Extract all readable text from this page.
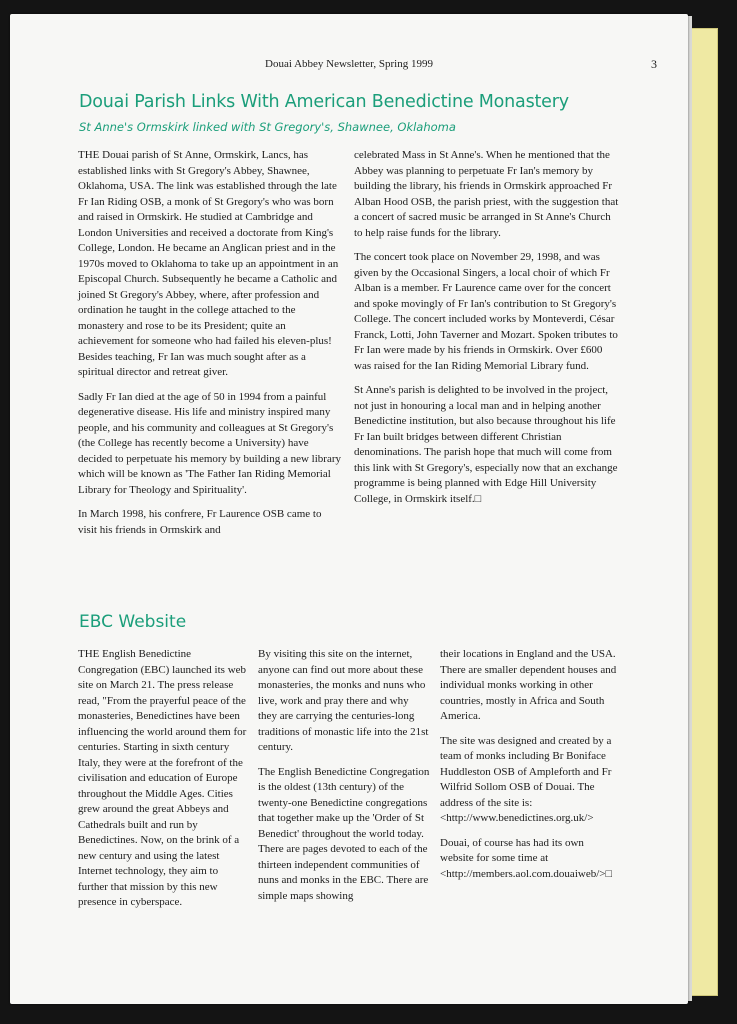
Douai Abbey Newsletter, Spring 1999	3
Douai Parish Links With American Benedictine Monastery
St Anne's Ormskirk linked with St Gregory's, Shawnee, Oklahoma

THE Douai parish of St Anne, Ormskirk, Lancs, has established links with St Gregory's Abbey, Shawnee, Oklahoma, USA. The link was established through the late Fr Ian Riding OSB, a monk of St Gregory's who was born and raised in Ormskirk. He studied at Cambridge and London Universities and received a doctorate from King's College, London. He became an Anglican priest and in the 1970s moved to Oklahoma to take up an appointment in an Episcopal Church. Subsequently he became a Catholic and joined St Gregory's Abbey, where, after profession and ordination he taught in the college attached to the monastery and rose to be its President; quite an achievement for someone who had failed his eleven-plus! Besides teaching, Fr Ian was much sought after as a spiritual director and retreat giver.

Sadly Fr Ian died at the age of 50 in 1994 from a painful degenerative disease. His life and ministry inspired many people, and his community and colleagues at St Gregory's (the College has recently become a University) have decided to perpetuate his memory by building a new library which will be known as 'The Father Ian Riding Memorial Library for Theology and Spirituality'.

In March 1998, his confrere, Fr Laurence OSB came to visit his friends in Ormskirk and

celebrated Mass in St Anne's. When he mentioned that the Abbey was planning to perpetuate Fr Ian's memory by building the library, his friends in Ormskirk approached Fr Alban Hood OSB, the parish priest, with the suggestion that a concert of sacred music be arranged in St Anne's Church to help raise funds for the library.

The concert took place on November 29, 1998, and was given by the Occasional Singers, a local choir of which Fr Alban is a member. Fr Laurence came over for the concert and spoke movingly of Fr Ian's contribution to St Gregory's College. The concert included works by Monteverdi, César Franck, Lotti, John Taverner and Mozart. Spoken tributes to Fr Ian were made by his friends in Ormskirk. Over £600 was raised for the Ian Riding Memorial Library fund.

St Anne's parish is delighted to be involved in the project, not just in honouring a local man and in helping another Benedictine institution, but also because throughout his life Fr Ian built bridges between different Christian denominations. The parish hope that much will come from this link with St Gregory's, especially now that an exchange programme is being planned with Edge Hill University College, in Ormskirk itself.□

EBC Website

THE English Benedictine Congregation (EBC) launched its web site on March 21. The press release read, "From the prayerful peace of the monasteries, Benedictines have been influencing the world around them for centuries. Starting in sixth century Italy, they were at the forefront of the civilisation and education of Europe throughout the Middle Ages. Cities grew around the great Abbeys and Cathedrals built and run by Benedictines. Now, on the brink of a new century and using the latest Internet technology, they aim to further that mission by this new presence in cyberspace.

By visiting this site on the internet, anyone can find out more about these monasteries, the monks and nuns who live, work and pray there and why they are carrying the centuries-long traditions of monastic life into the 21st century.

The English Benedictine Congregation is the oldest (13th century) of the twenty-one Benedictine congregations that together make up the 'Order of St Benedict' throughout the world today. There are pages devoted to each of the thirteen independent communities of nuns and monks in the EBC. There are simple maps showing

their locations in England and the USA. There are smaller dependent houses and individual monks working in other countries, mostly in Africa and South America.

The site was designed and created by a team of monks including Br Boniface Huddleston OSB of Ampleforth and Fr Wilfrid Sollom OSB of Douai. The address of the site is:<http://www.benedictines.org.uk/>

Douai, of course has had its own website for some time at <http://members.aol.com.douaiweb/>□
